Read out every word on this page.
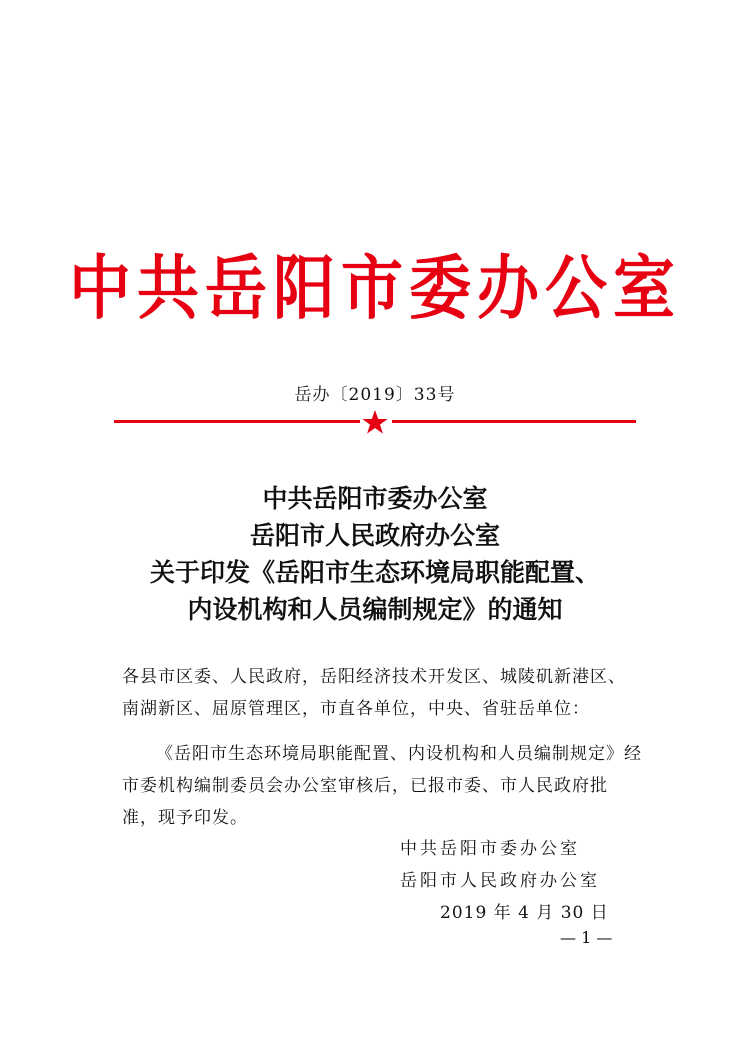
中共岳阳市委办公室
岳办〔2019〕33号
中共岳阳市委办公室
岳阳市人民政府办公室
关于印发《岳阳市生态环境局职能配置、
内设机构和人员编制规定》的通知
各县市区委、人民政府，岳阳经济技术开发区、城陵矶新港区、南湖新区、屈原管理区，市直各单位，中央、省驻岳单位：
《岳阳市生态环境局职能配置、内设机构和人员编制规定》经市委机构编制委员会办公室审核后，已报市委、市人民政府批准，现予印发。
中共岳阳市委办公室
岳阳市人民政府办公室
2019 年 4 月 30 日
— 1 —
